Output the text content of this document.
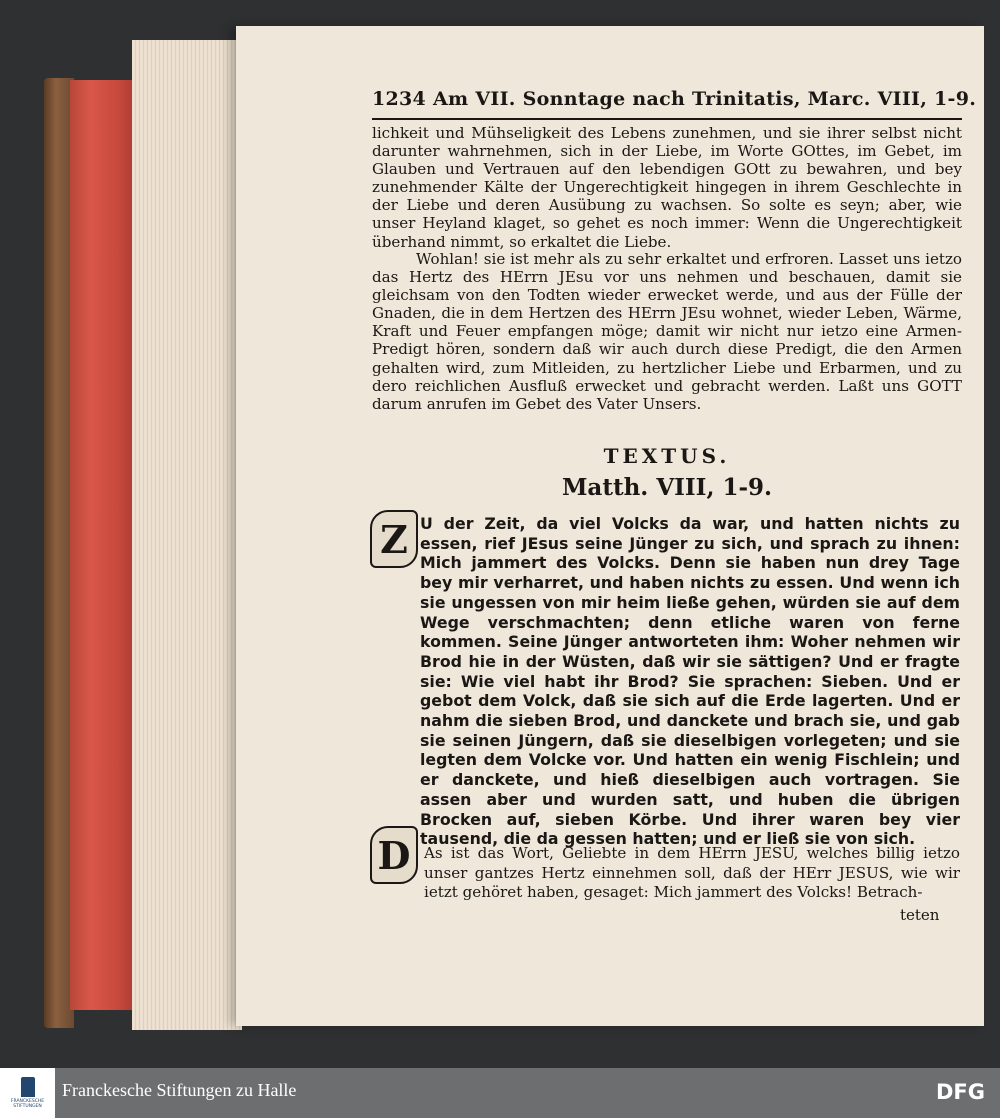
1234 Am VII. Sonntage nach Trinitatis, Marc. VIII, 1-9.
lichkeit und Mühseligkeit des Lebens zunehmen, und sie ihrer selbst nicht darunter wahrnehmen, sich in der Liebe, im Worte GOttes, im Gebet, im Glauben und Vertrauen auf den lebendigen GOtt zu bewahren, und bey zunehmender Kälte der Ungerechtigkeit hingegen in ihrem Geschlechte in der Liebe und deren Ausübung zu wachsen. So solte es seyn; aber, wie unser Heyland klaget, so gehet es noch immer: Wenn die Ungerechtigkeit überhand nimmt, so erkaltet die Liebe.
Wohlan! sie ist mehr als zu sehr erkaltet und erfroren. Lasset uns ietzo das Hertz des HErrn JEsu vor uns nehmen und beschauen, damit sie gleichsam von den Todten wieder erwecket werde, und aus der Fülle der Gnaden, die in dem Hertzen des HErrn JEsu wohnet, wieder Leben, Wärme, Kraft und Feuer empfangen möge; damit wir nicht nur ietzo eine Armen-Predigt hören, sondern daß wir auch durch diese Predigt, die den Armen gehalten wird, zum Mitleiden, zu hertzlicher Liebe und Erbarmen, und zu dero reichlichen Ausfluß erwecket und gebracht werden. Laßt uns GOTT darum anrufen im Gebet des Vater Unsers.
TEXTUS.
Matth. VIII, 1-9.
Z U der Zeit, da viel Volcks da war, und hatten nichts zu essen, rief JEsus seine Jünger zu sich, und sprach zu ihnen: Mich jammert des Volcks. Denn sie haben nun drey Tage bey mir verharret, und haben nichts zu essen. Und wenn ich sie ungessen von mir heim ließe gehen, würden sie auf dem Wege verschmachten; denn etliche waren von ferne kommen. Seine Jünger antworteten ihm: Woher nehmen wir Brod hie in der Wüsten, daß wir sie sättigen? Und er fragte sie: Wie viel habt ihr Brod? Sie sprachen: Sieben. Und er gebot dem Volck, daß sie sich auf die Erde lagerten. Und er nahm die sieben Brod, und danckete und brach sie, und gab sie seinen Jüngern, daß sie dieselbigen vorlegeten; und sie legten dem Volcke vor. Und hatten ein wenig Fischlein; und er danckete, und hieß dieselbigen auch vortragen. Sie assen aber und wurden satt, und huben die übrigen Brocken auf, sieben Körbe. Und ihrer waren bey vier tausend, die da gessen hatten; und er ließ sie von sich.
D As ist das Wort, Geliebte in dem HErrn JESU, welches billig ietzo unser gantzes Hertz einnehmen soll, daß der HErr JESUS, wie wir ietzt gehöret haben, gesaget: Mich jammert des Volcks! Betrach-
teten
FRANCKESCHE STIFTUNGEN
Franckesche Stiftungen zu Halle	DFG
